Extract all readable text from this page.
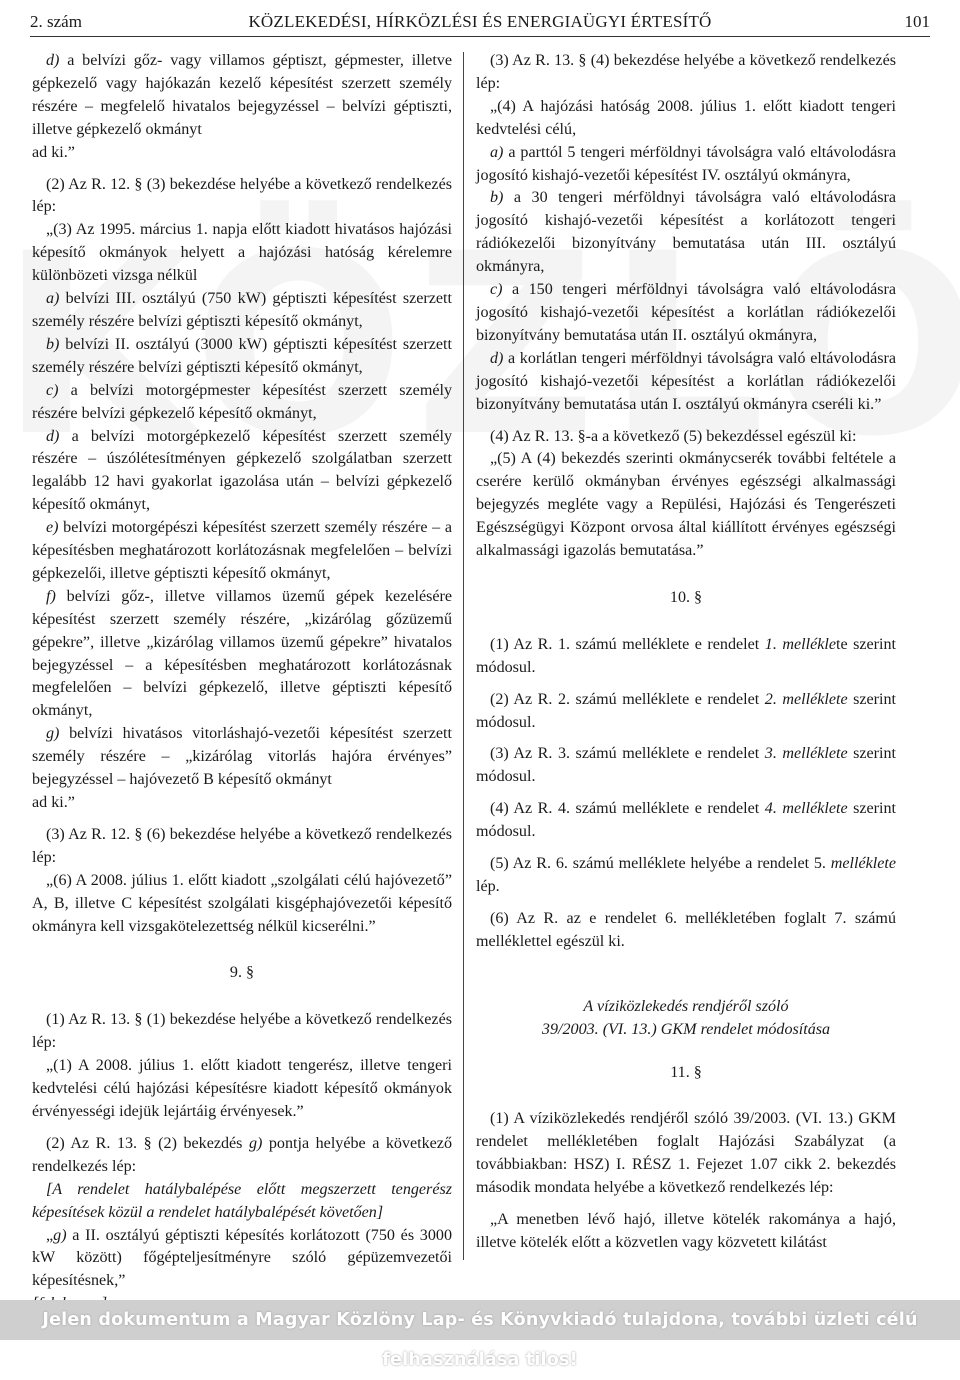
2. szám	KÖZLEKEDÉSI, HÍRKÖZLÉSI ÉS ENERGIAÜGYI ÉRTESÍTŐ	101

d) a belvízi gőz- vagy villamos géptiszt, gépmester, illetve gépkezelő vagy hajókazán kezelő képesítést szerzett személy részére – megfelelő hivatalos bejegyzéssel – belvízi géptiszti, illetve gépkezelő okmányt

ad ki.”

(2) Az R. 12. § (3) bekezdése helyébe a következő rendelkezés lép:

„(3) Az 1995. március 1. napja előtt kiadott hivatásos hajózási képesítő okmányok helyett a hajózási hatóság kérelemre különbözeti vizsga nélkül

a) belvízi III. osztályú (750 kW) géptiszti képesítést szerzett személy részére belvízi géptiszti képesítő okmányt,

b) belvízi II. osztályú (3000 kW) géptiszti képesítést szerzett személy részére belvízi géptiszti képesítő okmányt,

c) a belvízi motorgépmester képesítést szerzett személy részére belvízi gépkezelő képesítő okmányt,

d) a belvízi motorgépkezelő képesítést szerzett személy részére – úszólétesítményen gépkezelő szolgálatban szerzett legalább 12 havi gyakorlat igazolása után – belvízi gépkezelő képesítő okmányt,

e) belvízi motorgépészi képesítést szerzett személy részére – a képesítésben meghatározott korlátozásnak megfelelően – belvízi gépkezelői, illetve géptiszti képesítő okmányt,

f) belvízi gőz-, illetve villamos üzemű gépek kezelésére képesítést szerzett személy részére, „kizárólag gőzüzemű gépekre”, illetve „kizárólag villamos üzemű gépekre” hivatalos bejegyzéssel – a képesítésben meghatározott korlátozásnak megfelelően – belvízi gépkezelő, illetve géptiszti képesítő okmányt,

g) belvízi hivatásos vitorláshajó-vezetői képesítést szerzett személy részére – „kizárólag vitorlás hajóra érvényes” bejegyzéssel – hajóvezető B képesítő okmányt

ad ki.”

(3) Az R. 12. § (6) bekezdése helyébe a következő rendelkezés lép:

„(6) A 2008. július 1. előtt kiadott „szolgálati célú hajóvezető” A, B, illetve C képesítést szolgálati kisgéphajóvezetői képesítő okmányra kell vizsgakötelezettség nélkül kicserélni.”

9. §

(1) Az R. 13. § (1) bekezdése helyébe a következő rendelkezés lép:

„(1) A 2008. július 1. előtt kiadott tengerész, illetve tengeri kedvtelési célú hajózási képesítésre kiadott képesítő okmányok érvényességi idejük lejártáig érvényesek.”

(2) Az R. 13. § (2) bekezdés g) pontja helyébe a következő rendelkezés lép:

[A rendelet hatálybalépése előtt megszerzett tengerész képesítések közül a rendelet hatálybalépését követően]

„g) a II. osztályú géptiszti képesítés korlátozott (750 és 3000 kW között) főgépteljesítményre szóló gépüzemvezetői képesítésnek,”

(3) Az R. 13. § (4) bekezdése helyébe a következő rendelkezés lép:

„(4) A hajózási hatóság 2008. július 1. előtt kiadott tengeri kedvtelési célú,

a) a parttól 5 tengeri mérföldnyi távolságra való eltávolodásra jogosító kishajó-vezetői képesítést IV. osztályú okmányra,

b) a 30 tengeri mérföldnyi távolságra való eltávolodásra jogosító kishajó-vezetői képesítést a korlátozott tengeri rádiókezelői bizonyítvány bemutatása után III. osztályú okmányra,

c) a 150 tengeri mérföldnyi távolságra való eltávolodásra jogosító kishajó-vezetői képesítést a korlátlan rádiókezelői bizonyítvány bemutatása után II. osztályú okmányra,

d) a korlátlan tengeri mérföldnyi távolságra való eltávolodásra jogosító kishajó-vezetői képesítést a korlátlan rádiókezelői bizonyítvány bemutatása után I. osztályú okmányra cseréli ki.”

(4) Az R. 13. §-a a következő (5) bekezdéssel egészül ki:

„(5) A (4) bekezdés szerinti okmánycserék további feltétele a cserére kerülő okmányban érvényes egészségi alkalmassági bejegyzés megléte vagy a Repülési, Hajózási és Tengerészeti Egészségügyi Központ orvosa által kiállított érvényes egészségi alkalmassági igazolás bemutatása.”

10. §

(1) Az R. 1. számú melléklete e rendelet 1. melléklete szerint módosul.

(2) Az R. 2. számú melléklete e rendelet 2. melléklete szerint módosul.

(3) Az R. 3. számú melléklete e rendelet 3. melléklete szerint módosul.

(4) Az R. 4. számú melléklete e rendelet 4. melléklete szerint módosul.

(5) Az R. 6. számú melléklete helyébe a rendelet 5. mellékletе lép.

(6) Az R. az e rendelet 6. mellékletében foglalt 7. számú melléklettel egészül ki.

A víziközlekedés rendjéről szóló
39/2003. (VI. 13.) GKM rendelet módosítása

11. §

(1) A víziközlekedés rendjéről szóló 39/2003. (VI. 13.) GKM rendelet mellékletében foglalt Hajózási Szabályzat (a továbbiakban: HSZ) I. RÉSZ 1. Fejezet 1.07 cikk 2. bekezdés második mondata helyébe a következő rendelkezés lép:

„A menetben lévő hajó, illetve kötelék rakománya a hajó, illetve kötelék előtt a közvetlen vagy közvetett kilátást

Jelen dokumentum a Magyar Közlöny Lap- és Könyvkiadó tulajdona, további üzleti célú felhasználása tilos!
